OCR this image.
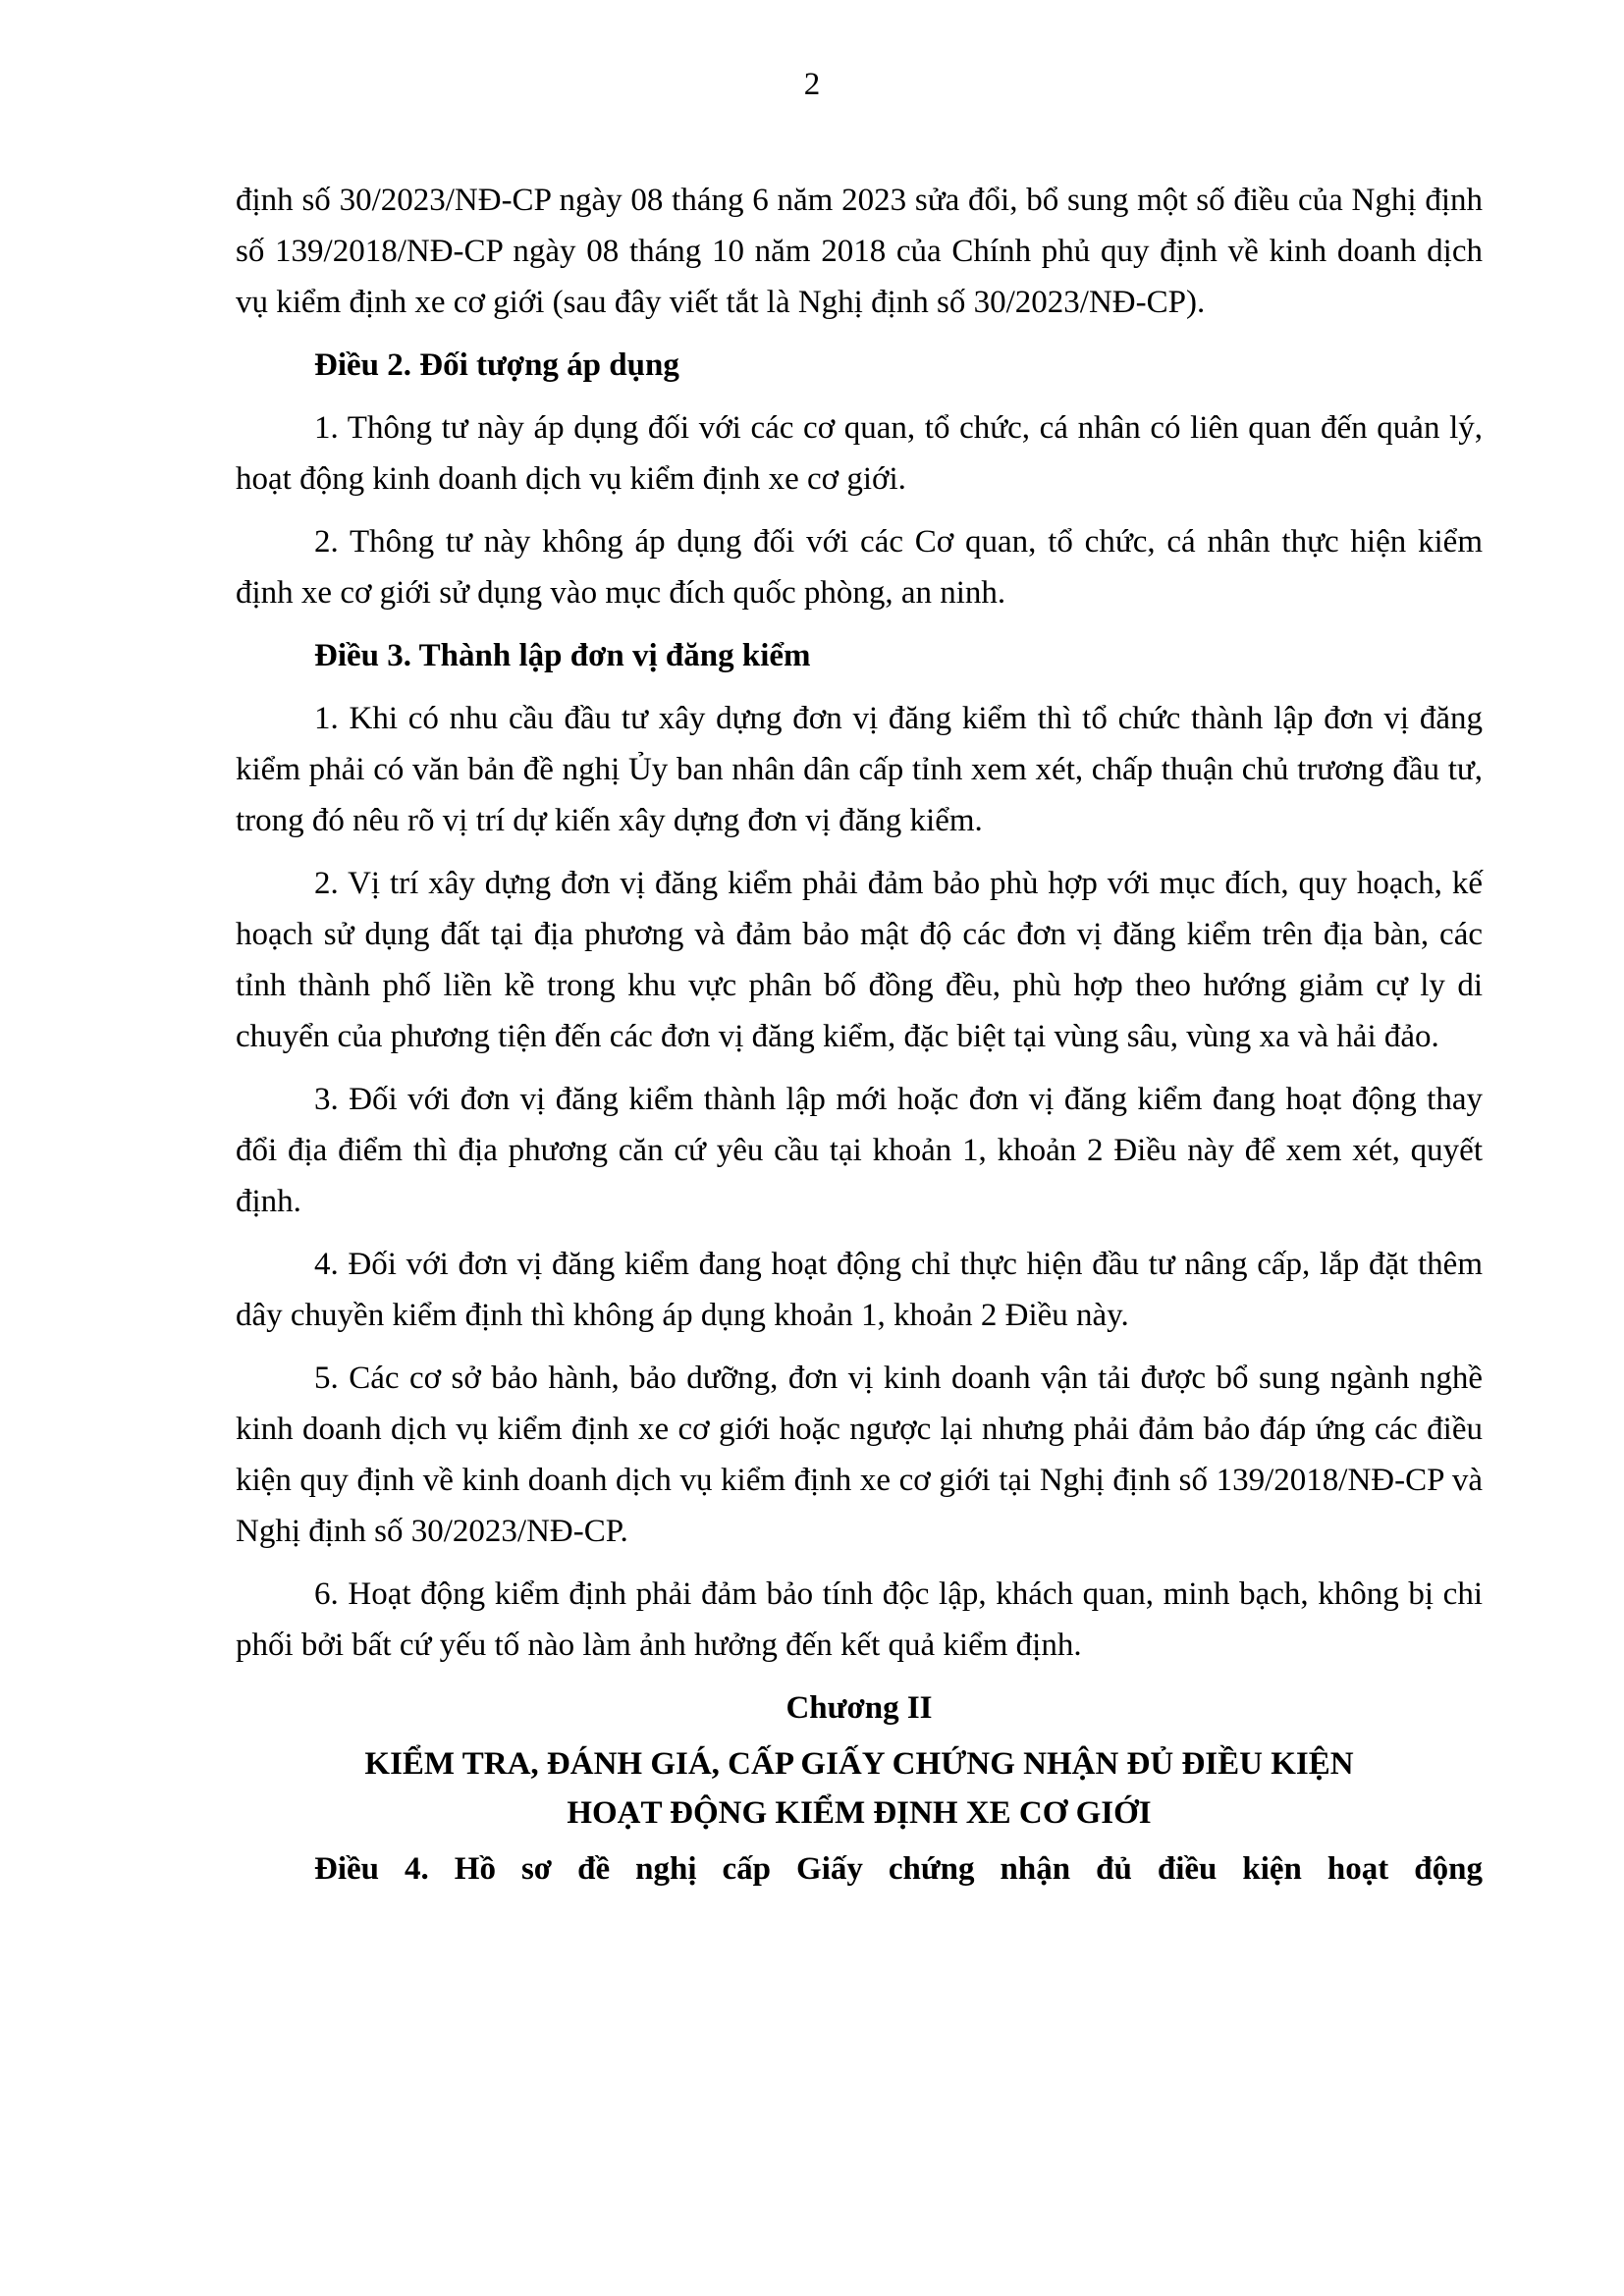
2

định số 30/2023/NĐ-CP ngày 08 tháng 6 năm 2023 sửa đổi, bổ sung một số điều của Nghị định số 139/2018/NĐ-CP ngày 08 tháng 10 năm 2018 của Chính phủ quy định về kinh doanh dịch vụ kiểm định xe cơ giới (sau đây viết tắt là Nghị định số 30/2023/NĐ-CP).

Điều 2. Đối tượng áp dụng

1. Thông tư này áp dụng đối với các cơ quan, tổ chức, cá nhân có liên quan đến quản lý, hoạt động kinh doanh dịch vụ kiểm định xe cơ giới.

2. Thông tư này không áp dụng đối với các Cơ quan, tổ chức, cá nhân thực hiện kiểm định xe cơ giới sử dụng vào mục đích quốc phòng, an ninh.

Điều 3. Thành lập đơn vị đăng kiểm

1. Khi có nhu cầu đầu tư xây dựng đơn vị đăng kiểm thì tổ chức thành lập đơn vị đăng kiểm phải có văn bản đề nghị Ủy ban nhân dân cấp tỉnh xem xét, chấp thuận chủ trương đầu tư, trong đó nêu rõ vị trí dự kiến xây dựng đơn vị đăng kiểm.

2. Vị trí xây dựng đơn vị đăng kiểm phải đảm bảo phù hợp với mục đích, quy hoạch, kế hoạch sử dụng đất tại địa phương và đảm bảo mật độ các đơn vị đăng kiểm trên địa bàn, các tỉnh thành phố liền kề trong khu vực phân bố đồng đều, phù hợp theo hướng giảm cự ly di chuyển của phương tiện đến các đơn vị đăng kiểm, đặc biệt tại vùng sâu, vùng xa và hải đảo.

3. Đối với đơn vị đăng kiểm thành lập mới hoặc đơn vị đăng kiểm đang hoạt động thay đổi địa điểm thì địa phương căn cứ yêu cầu tại khoản 1, khoản 2 Điều này để xem xét, quyết định.

4. Đối với đơn vị đăng kiểm đang hoạt động chỉ thực hiện đầu tư nâng cấp, lắp đặt thêm dây chuyền kiểm định thì không áp dụng khoản 1, khoản 2 Điều này.

5. Các cơ sở bảo hành, bảo dưỡng, đơn vị kinh doanh vận tải được bổ sung ngành nghề kinh doanh dịch vụ kiểm định xe cơ giới hoặc ngược lại nhưng phải đảm bảo đáp ứng các điều kiện quy định về kinh doanh dịch vụ kiểm định xe cơ giới tại Nghị định số 139/2018/NĐ-CP và Nghị định số 30/2023/NĐ-CP.

6. Hoạt động kiểm định phải đảm bảo tính độc lập, khách quan, minh bạch, không bị chi phối bởi bất cứ yếu tố nào làm ảnh hưởng đến kết quả kiểm định.

Chương II
KIỂM TRA, ĐÁNH GIÁ, CẤP GIẤY CHỨNG NHẬN ĐỦ ĐIỀU KIỆN
HOẠT ĐỘNG KIỂM ĐỊNH XE CƠ GIỚI

Điều 4. Hồ sơ đề nghị cấp Giấy chứng nhận đủ điều kiện hoạt động
